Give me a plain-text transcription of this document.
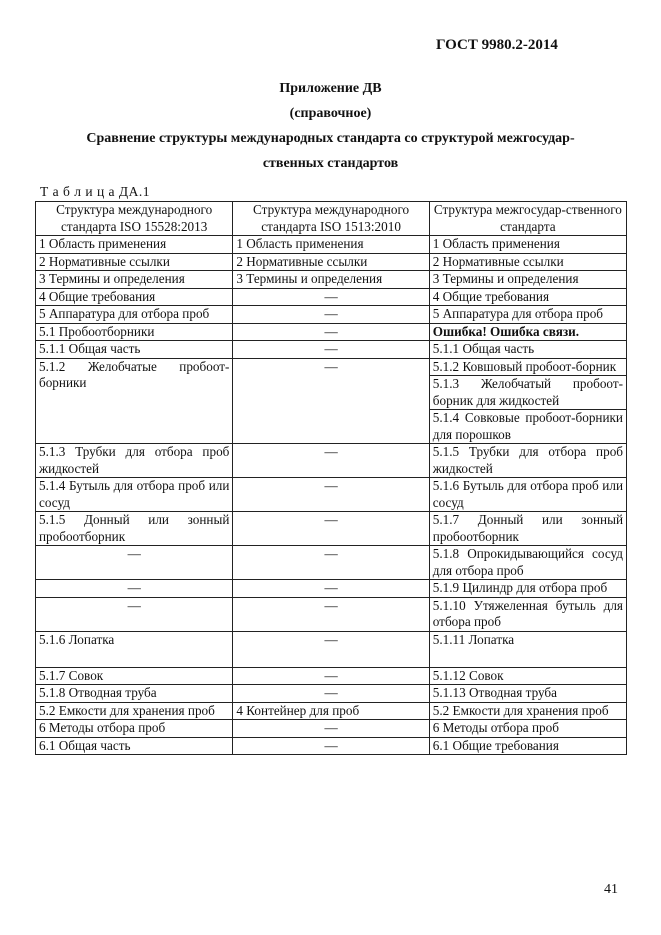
ГОСТ 9980.2-2014
Приложение ДВ
(справочное)
Сравнение структуры международных стандарта со структурой межгосудар-
ственных стандартов
Т а б л и ц а ДА.1
Структура международного стандарта ISO 15528:2013	Структура международного стандарта ISO 1513:2010	Структура межгосудар-ственного стандарта
1 Область применения	1 Область применения	1 Область применения
2 Нормативные ссылки	2 Нормативные ссылки	2 Нормативные ссылки
3 Термины и определения	3 Термины и определения	3 Термины и определения
4 Общие требования	—	4 Общие требования
5 Аппаратура для отбора проб	—	5 Аппаратура для отбора проб
5.1 Пробоотборники	—	Ошибка! Ошибка связи.
5.1.1 Общая часть	—	5.1.1 Общая часть
5.1.2 Желобчатые пробоот-борники	—	5.1.2 Ковшовый пробоот-борник
		5.1.3 Желобчатый пробоот-борник для жидкостей
		5.1.4 Совковые пробоот-борники для порошков
5.1.3 Трубки для отбора проб жидкостей	—	5.1.5 Трубки для отбора проб жидкостей
5.1.4 Бутыль для отбора проб или сосуд	—	5.1.6 Бутыль для отбора проб или сосуд
5.1.5 Донный или зонный пробоотборник	—	5.1.7 Донный или зонный пробоотборник
—	—	5.1.8 Опрокидывающийся сосуд для отбора проб
—	—	5.1.9 Цилиндр для отбора проб
—	—	5.1.10 Утяжеленная бутыль для отбора проб
5.1.6 Лопатка	—	5.1.11 Лопатка
5.1.7 Совок	—	5.1.12 Совок
5.1.8 Отводная труба	—	5.1.13 Отводная труба
5.2 Емкости для хранения проб	4 Контейнер для проб	5.2 Емкости для хранения проб
6 Методы отбора проб	—	6 Методы отбора проб
6.1 Общая часть	—	6.1 Общие требования
41
